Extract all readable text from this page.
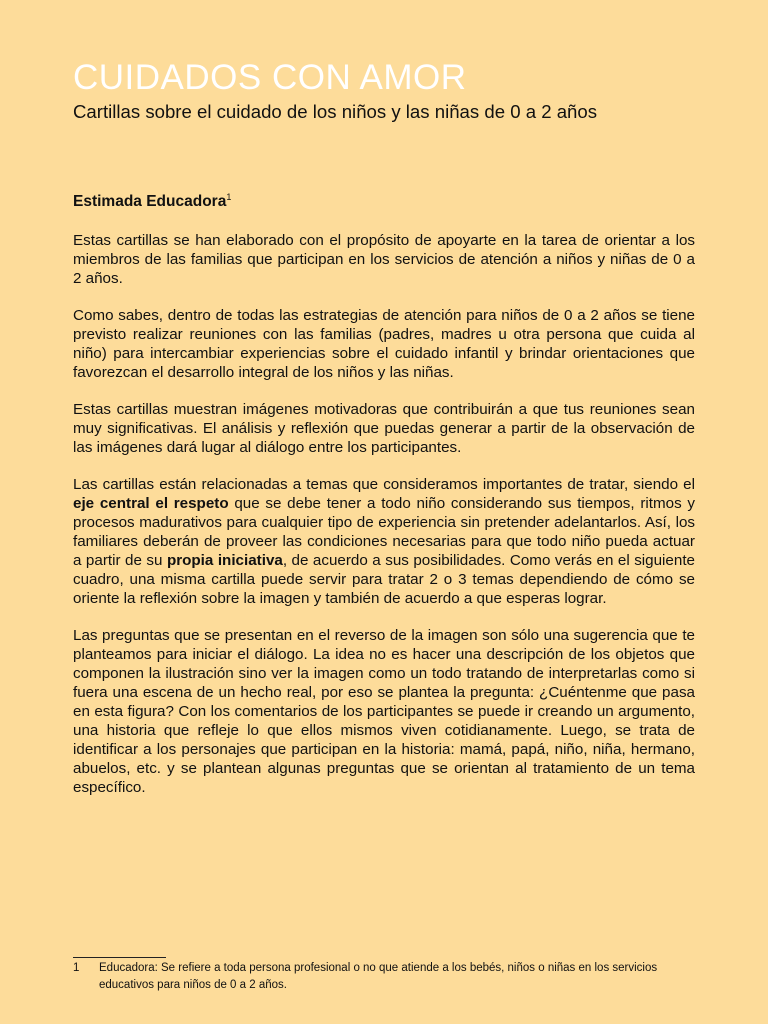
CUIDADOS CON AMOR
Cartillas sobre el cuidado de los niños y las niñas de 0 a 2 años
Estimada Educadora$^1$

Estas cartillas se han elaborado con el propósito de apoyarte en la tarea de orientar a los miembros de las familias que participan en los servicios de atención a niños y niñas de 0 a 2 años.

Como sabes, dentro de todas las estrategias de atención para niños de 0 a 2 años se tiene previsto realizar reuniones con las familias (padres, madres u otra persona que cuida al niño) para intercambiar experiencias sobre el cuidado infantil y brindar orientaciones que favorezcan el desarrollo integral de los niños y las niñas.

Estas cartillas muestran imágenes motivadoras que contribuirán a que tus reuniones sean muy significativas. El análisis y reflexión que puedas generar a partir de la observación de las imágenes dará lugar al diálogo entre los participantes.

Las cartillas están relacionadas a temas que consideramos importantes de tratar, siendo el eje central el respeto que se debe tener a todo niño considerando sus tiempos, ritmos y procesos madurativos para cualquier tipo de experiencia sin pretender adelantarlos. Así, los familiares deberán de proveer las condiciones necesarias para que todo niño pueda actuar a partir de su propia iniciativa, de acuerdo a sus posibilidades. Como verás en el siguiente cuadro, una misma cartilla puede servir para tratar 2 o 3 temas dependiendo de cómo se oriente la reflexión sobre la imagen y también de acuerdo a que esperas lograr.

Las preguntas que se presentan en el reverso de la imagen son sólo una sugerencia que te planteamos para iniciar el diálogo. La idea no es hacer una descripción de los objetos que componen la ilustración sino ver la imagen como un todo tratando de interpretarlas como si fuera una escena de un hecho real, por eso se plantea la pregunta: ¿Cuéntenme que pasa en esta figura? Con los comentarios de los participantes se puede ir creando un argumento, una historia que refleje lo que ellos mismos viven cotidianamente. Luego, se trata de identificar a los personajes que participan en la historia: mamá, papá, niño, niña, hermano, abuelos, etc. y se plantean algunas preguntas que se orientan al tratamiento de un tema específico.

1 Educadora: Se refiere a toda persona profesional o no que atiende a los bebés, niños o niñas en los servicios educativos para niños de 0 a 2 años.
